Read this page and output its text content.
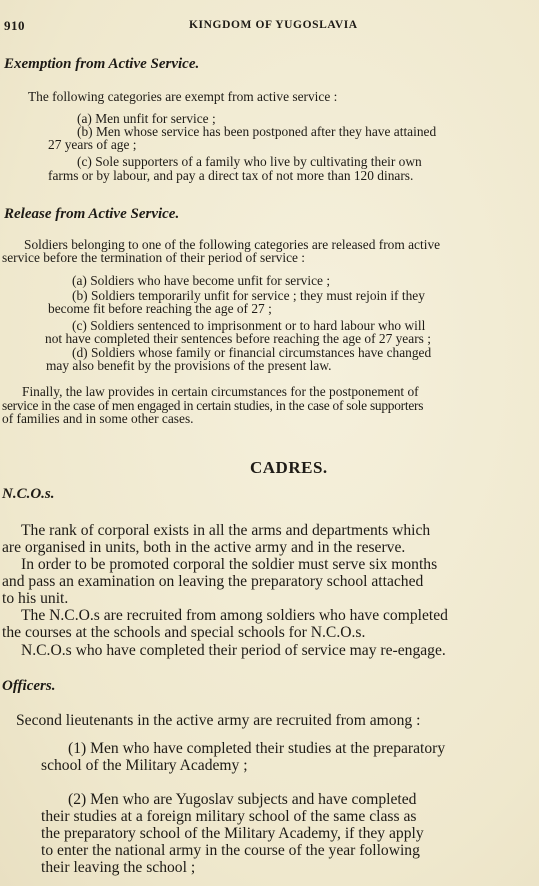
910	KINGDOM OF YUGOSLAVIA
Exemption from Active Service.
The following categories are exempt from active service :
(a) Men unfit for service ;
(b) Men whose service has been postponed after they have attained
27 years of age ;
(c) Sole supporters of a family who live by cultivating their own
farms or by labour, and pay a direct tax of not more than 120 dinars.
Release from Active Service.
Soldiers belonging to one of the following categories are released from active
service before the termination of their period of service :
(a) Soldiers who have become unfit for service ;
(b) Soldiers temporarily unfit for service ; they must rejoin if they
become fit before reaching the age of 27 ;
(c) Soldiers sentenced to imprisonment or to hard labour who will
not have completed their sentences before reaching the age of 27 years ;
(d) Soldiers whose family or financial circumstances have changed
may also benefit by the provisions of the present law.
Finally, the law provides in certain circumstances for the postponement of
service in the case of men engaged in certain studies, in the case of sole supporters
of families and in some other cases.
CADRES.
N.C.O.s.
The rank of corporal exists in all the arms and departments which
are organised in units, both in the active army and in the reserve.
In order to be promoted corporal the soldier must serve six months
and pass an examination on leaving the preparatory school attached
to his unit.
The N.C.O.s are recruited from among soldiers who have completed
the courses at the schools and special schools for N.C.O.s.
N.C.O.s who have completed their period of service may re-engage.
Officers.
Second lieutenants in the active army are recruited from among :
(1) Men who have completed their studies at the preparatory
school of the Military Academy ;
(2) Men who are Yugoslav subjects and have completed
their studies at a foreign military school of the same class as
the preparatory school of the Military Academy, if they apply
to enter the national army in the course of the year following
their leaving the school ;
